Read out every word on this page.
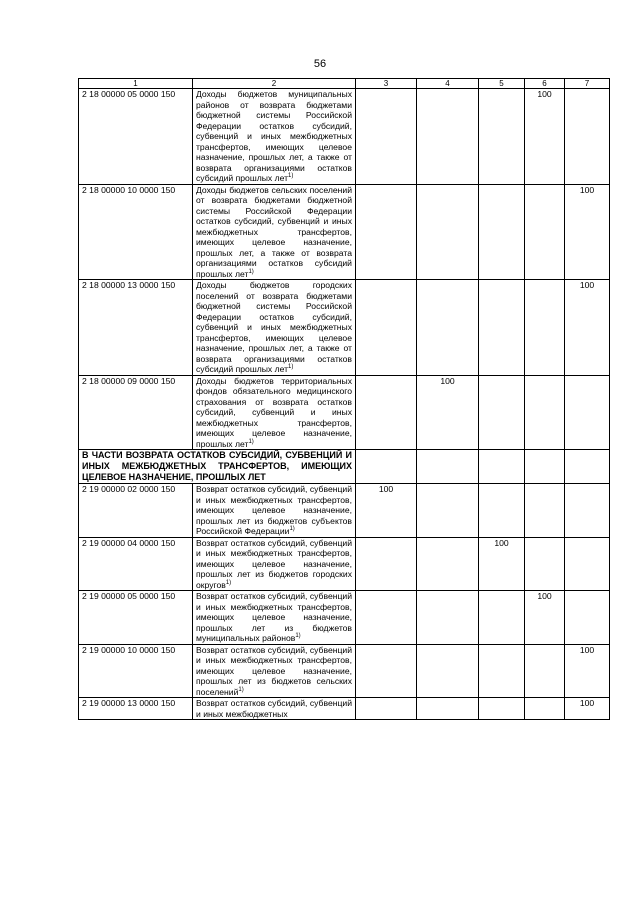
56
1	2	3	4	5	6	7
2 18 00000 05 0000 150	Доходы бюджетов муниципальных районов от возврата бюджетами бюджетной системы Российской Федерации остатков субсидий, субвенций и иных межбюджетных трансфертов, имеющих целевое назначение, прошлых лет, а также от возврата организациями остатков субсидий прошлых лет$^{1)}$				100	
2 18 00000 10 0000 150	Доходы бюджетов сельских поселений от возврата бюджетами бюджетной системы Российской Федерации остатков субсидий, субвенций и иных межбюджетных трансфертов, имеющих целевое назначение, прошлых лет, а также от возврата организациями остатков субсидий прошлых лет$^{1)}$					100
2 18 00000 13 0000 150	Доходы бюджетов городских поселений от возврата бюджетами бюджетной системы Российской Федерации остатков субсидий, субвенций и иных межбюджетных трансфертов, имеющих целевое назначение, прошлых лет, а также от возврата организациями остатков субсидий прошлых лет$^{1)}$					100
2 18 00000 09 0000 150	Доходы бюджетов территориальных фондов обязательного медицинского страхования от возврата остатков субсидий, субвенций и иных межбюджетных трансфертов, имеющих целевое назначение, прошлых лет$^{1)}$		100			
В ЧАСТИ ВОЗВРАТА ОСТАТКОВ СУБСИДИЙ, СУБВЕНЦИЙ И ИНЫХ МЕЖБЮДЖЕТНЫХ ТРАНСФЕРТОВ, ИМЕЮЩИХ ЦЕЛЕВОЕ НАЗНАЧЕНИЕ, ПРОШЛЫХ ЛЕТ						
2 19 00000 02 0000 150	Возврат остатков субсидий, субвенций и иных межбюджетных трансфертов, имеющих целевое назначение, прошлых лет из бюджетов субъектов Российской Федерации$^{1)}$	100				
2 19 00000 04 0000 150	Возврат остатков субсидий, субвенций и иных межбюджетных трансфертов, имеющих целевое назначение, прошлых лет из бюджетов городских округов$^{1)}$			100		
2 19 00000 05 0000 150	Возврат остатков субсидий, субвенций и иных межбюджетных трансфертов, имеющих целевое назначение, прошлых лет из бюджетов муниципальных районов$^{1)}$				100	
2 19 00000 10 0000 150	Возврат остатков субсидий, субвенций и иных межбюджетных трансфертов, имеющих целевое назначение, прошлых лет из бюджетов сельских поселений$^{1)}$					100
2 19 00000 13 0000 150	Возврат остатков субсидий, субвенций и иных межбюджетных					100
